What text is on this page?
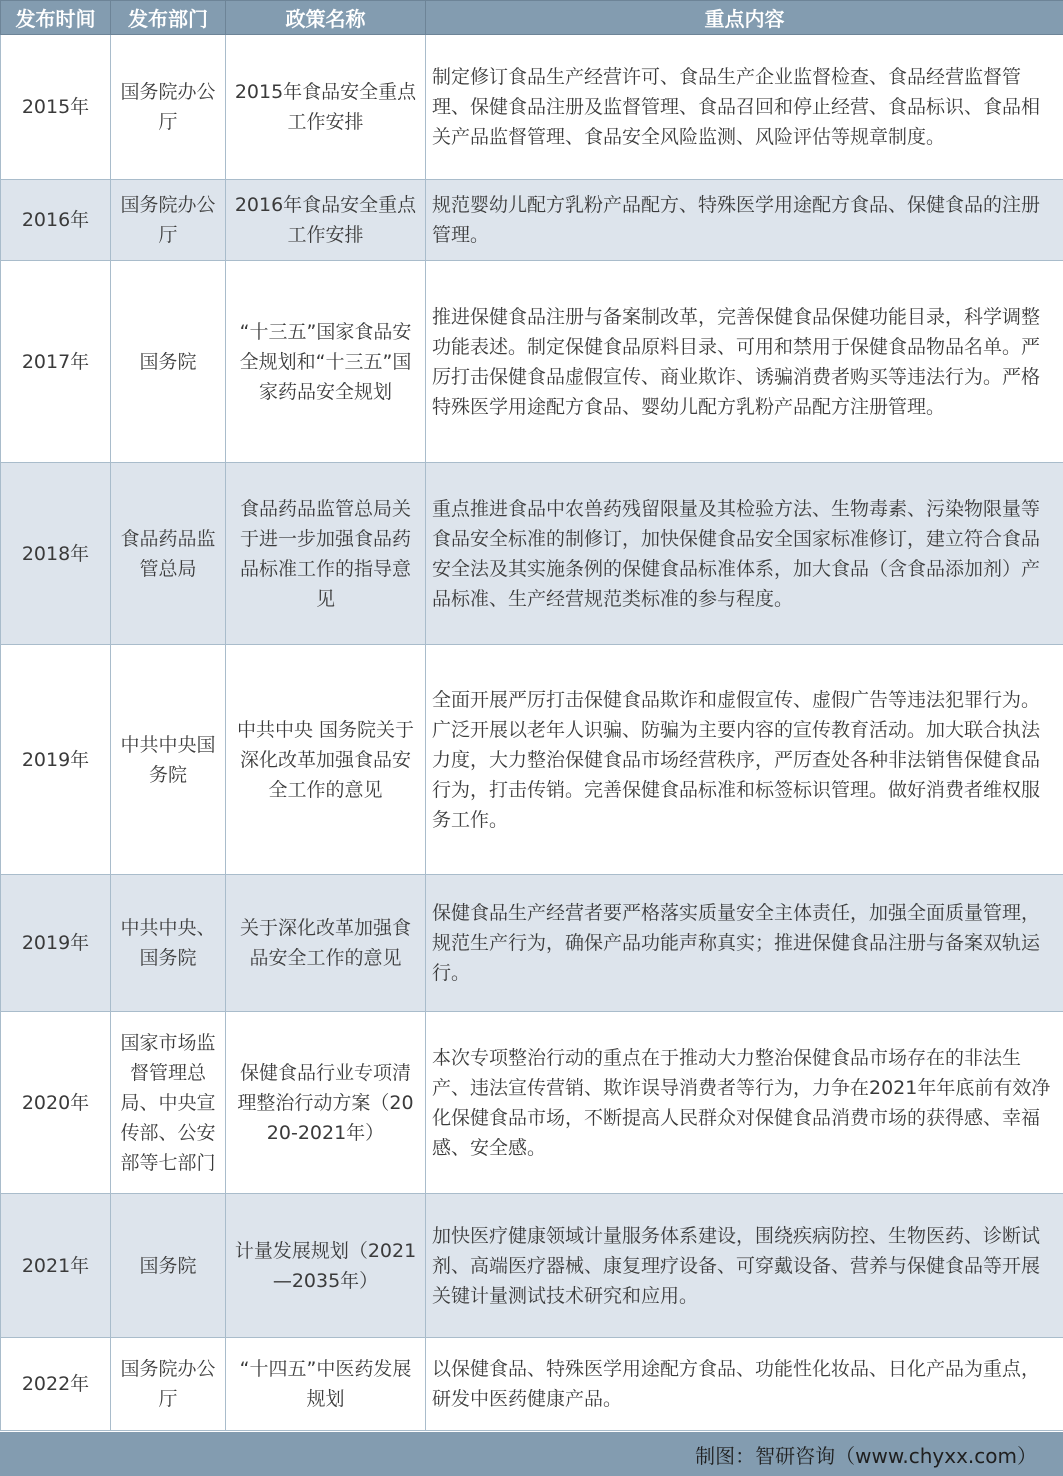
发布时间	发布部门	政策名称	重点内容
2015年	国务院办公厅	2015年食品安全重点工作安排	制定修订食品生产经营许可、食品生产企业监督检查、食品经营监督管理、保健食品注册及监督管理、食品召回和停止经营、食品标识、食品相关产品监督管理、食品安全风险监测、风险评估等规章制度。
2016年	国务院办公厅	2016年食品安全重点工作安排	规范婴幼儿配方乳粉产品配方、特殊医学用途配方食品、保健食品的注册管理。
2017年	国务院	“十三五”国家食品安全规划和“十三五”国家药品安全规划	推进保健食品注册与备案制改革，完善保健食品保健功能目录，科学调整功能表述。制定保健食品原料目录、可用和禁用于保健食品物品名单。严厉打击保健食品虚假宣传、商业欺诈、诱骗消费者购买等违法行为。严格特殊医学用途配方食品、婴幼儿配方乳粉产品配方注册管理。
2018年	食品药品监管总局	食品药品监管总局关于进一步加强食品药品标准工作的指导意见	重点推进食品中农兽药残留限量及其检验方法、生物毒素、污染物限量等食品安全标准的制修订，加快保健食品安全国家标准修订，建立符合食品安全法及其实施条例的保健食品标准体系，加大食品（含食品添加剂）产品标准、生产经营规范类标准的参与程度。
2019年	中共中央国务院	中共中央 国务院关于深化改革加强食品安全工作的意见	全面开展严厉打击保健食品欺诈和虚假宣传、虚假广告等违法犯罪行为。广泛开展以老年人识骗、防骗为主要内容的宣传教育活动。加大联合执法力度，大力整治保健食品市场经营秩序，严厉查处各种非法销售保健食品行为，打击传销。完善保健食品标准和标签标识管理。做好消费者维权服务工作。
2019年	中共中央、国务院	关于深化改革加强食品安全工作的意见	保健食品生产经营者要严格落实质量安全主体责任，加强全面质量管理，规范生产行为，确保产品功能声称真实；推进保健食品注册与备案双轨运行。
2020年	国家市场监督管理总局、中央宣传部、公安部等七部门	保健食品行业专项清理整治行动方案（2020-2021年）	本次专项整治行动的重点在于推动大力整治保健食品市场存在的非法生产、违法宣传营销、欺诈误导消费者等行为，力争在2021年年底前有效净化保健食品市场，不断提高人民群众对保健食品消费市场的获得感、幸福感、安全感。
2021年	国务院	计量发展规划（2021—2035年）	加快医疗健康领域计量服务体系建设，围绕疾病防控、生物医药、诊断试剂、高端医疗器械、康复理疗设备、可穿戴设备、营养与保健食品等开展关键计量测试技术研究和应用。
2022年	国务院办公厅	“十四五”中医药发展规划	以保健食品、特殊医学用途配方食品、功能性化妆品、日化产品为重点，研发中医药健康产品。
制图：智研咨询（www.chyxx.com）
